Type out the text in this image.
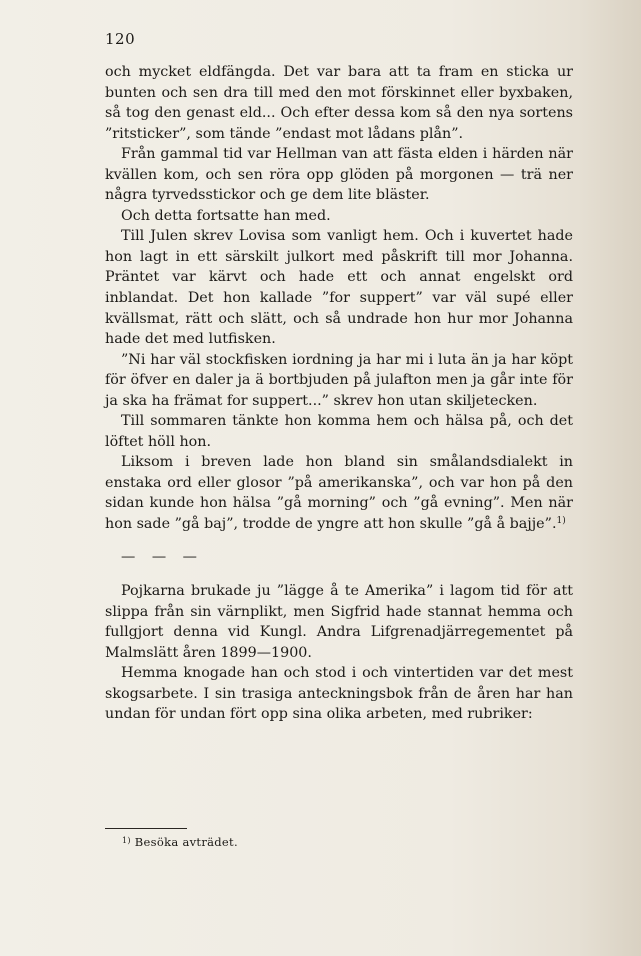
120

och mycket eldfängda. Det var bara att ta fram en sticka ur bunten och sen dra till med den mot förskinnet eller byxbaken, så tog den genast eld... Och efter dessa kom så den nya sortens ”ritsticker”, som tände ”endast mot lådans plån”.

Från gammal tid var Hellman van att fästa elden i härden när kvällen kom, och sen röra opp glöden på morgonen — trä ner några tyrvedsstickor och ge dem lite bläster.

Och detta fortsatte han med.

Till Julen skrev Lovisa som vanligt hem. Och i kuvertet hade hon lagt in ett särskilt julkort med påskrift till mor Johanna. Präntet var kärvt och hade ett och annat engelskt ord inblandat. Det hon kallade ”for suppert” var väl supé eller kvällsmat, rätt och slätt, och så undrade hon hur mor Johanna hade det med lutfisken.

”Ni har väl stockfisken iordning ja har mi i luta än ja har köpt för öfver en daler ja ä bortbjuden på julafton men ja går inte för ja ska ha främat for suppert...” skrev hon utan skiljetecken.

Till sommaren tänkte hon komma hem och hälsa på, och det löftet höll hon.

Liksom i breven lade hon bland sin smålandsdialekt in enstaka ord eller glosor ”på amerikanska”, och var hon på den sidan kunde hon hälsa ”gå morning” och ”gå evning”. Men när hon sade ”gå baj”, trodde de yngre att hon skulle ”gå å bajje”.$^{1)}$

— — —

Pojkarna brukade ju ”lägge å te Amerika” i lagom tid för att slippa från sin värnplikt, men Sigfrid hade stannat hemma och fullgjort denna vid Kungl. Andra Lifgrenadjärregementet på Malmslätt åren 1899—1900.

Hemma knogade han och stod i och vintertiden var det mest skogsarbete. I sin trasiga anteckningsbok från de åren har han undan för undan fört opp sina olika arbeten, med rubriker:

$^{1)}$ Besöka avträdet.
